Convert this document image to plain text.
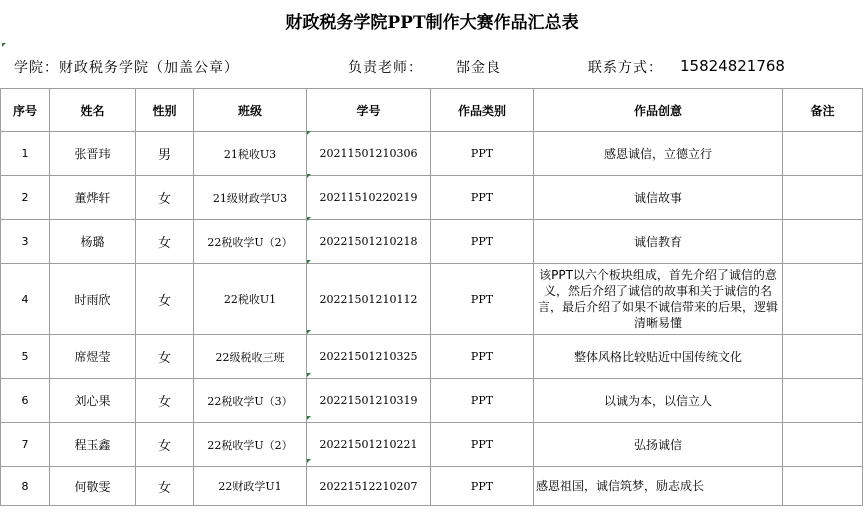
财政税务学院PPT制作大赛作品汇总表
学院：财政税务学院（加盖公章）	负责老师： 郜金良	联系方式： 15824821768
序号	姓名	性别	班级	学号	作品类别	作品创意	备注
1	张晋玮	男	21税收U3	20211501210306	PPT	感恩诚信，立德立行	
2	董烨轩	女	21级财政学U3	20211510220219	PPT	诚信故事	
3	杨璐	女	22税收学U（2）	20221501210218	PPT	诚信教育	
4	时雨欣	女	22税收U1	20221501210112	PPT	该PPT以六个板块组成，首先介绍了诚信的意义，然后介绍了诚信的故事和关于诚信的名言，最后介绍了如果不诚信带来的后果，逻辑清晰易懂	
5	席煜莹	女	22级税收三班	20221501210325	PPT	整体风格比较贴近中国传统文化	
6	刘心果	女	22税收学U（3）	20221501210319	PPT	以诚为本，以信立人	
7	程玉鑫	女	22税收学U（2）	20221501210221	PPT	弘扬诚信	
8	何敬雯	女	22财政学U1	20221512210207	PPT	感恩祖国，诚信筑梦，励志成长	
